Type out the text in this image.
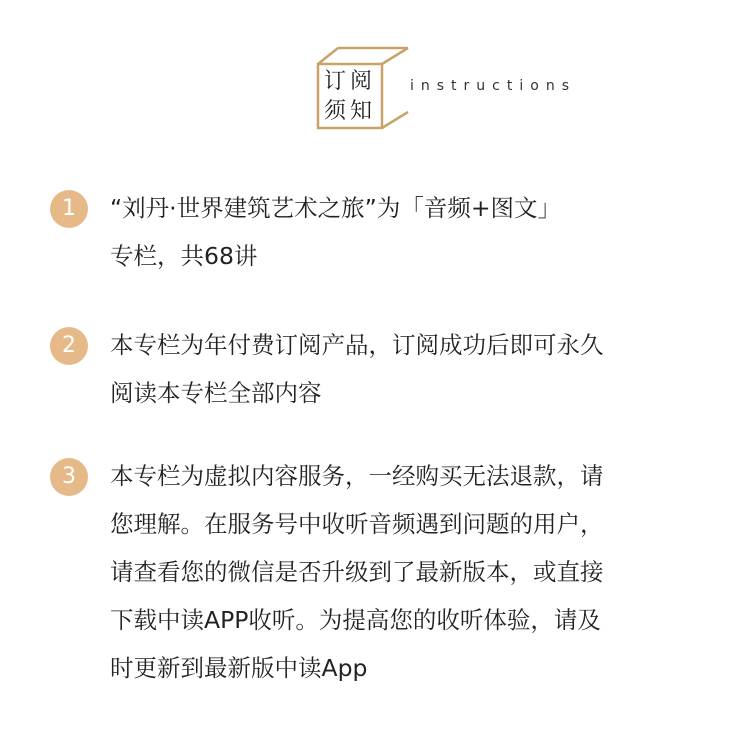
订阅
须知
instructions
1	“刘丹·世界建筑艺术之旅”为「音频+图文」
专栏，共68讲
2	本专栏为年付费订阅产品，订阅成功后即可永久
阅读本专栏全部内容
3	本专栏为虚拟内容服务，一经购买无法退款，请
您理解。在服务号中收听音频遇到问题的用户，
请查看您的微信是否升级到了最新版本，或直接
下载中读APP收听。为提高您的收听体验，请及
时更新到最新版中读App
